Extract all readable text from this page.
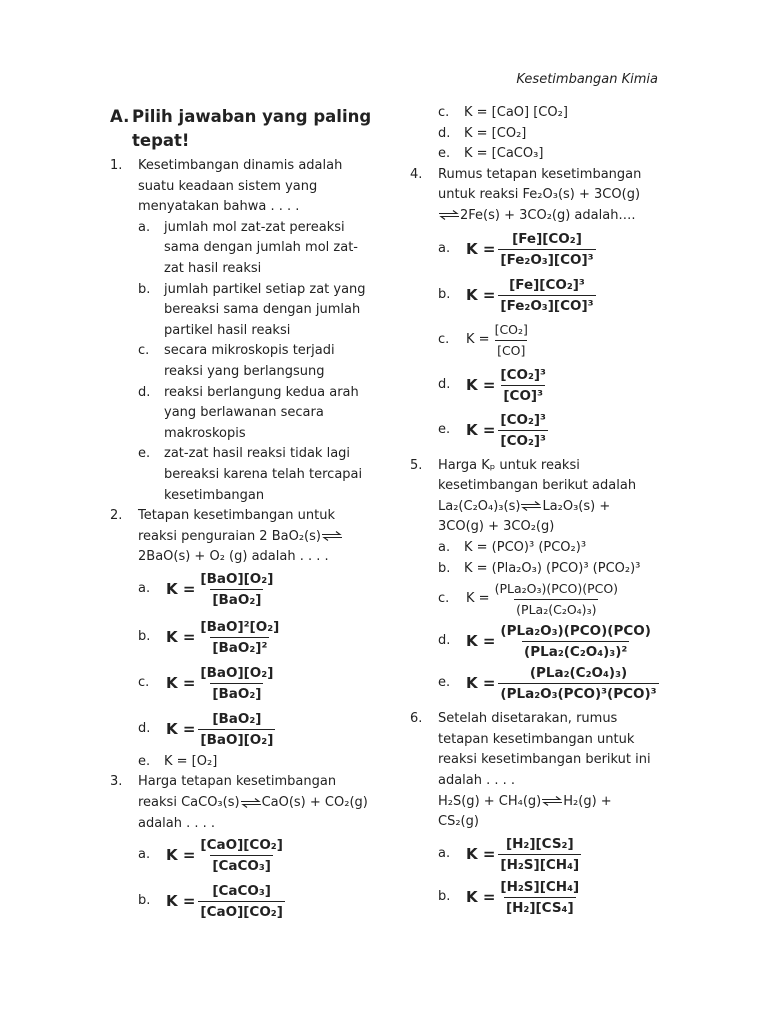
Kesetimbangan Kimia
A. Pilih jawaban yang paling tepat!
1.	Kesetimbangan dinamis adalah suatu keadaan sistem yang menyatakan bahwa . . . .
a.	jumlah mol zat-zat pereaksi sama dengan jumlah mol zat-zat hasil reaksi
b.	jumlah partikel setiap zat yang bereaksi sama dengan jumlah partikel hasil reaksi
c.	secara mikroskopis terjadi reaksi yang berlangsung
d.	reaksi berlangung kedua arah yang berlawanan secara makroskopis
e.	zat-zat hasil reaksi tidak lagi bereaksi karena telah tercapai kesetimbangan
2.	Tetapan kesetimbangan untuk reaksi penguraian 2 BaO₂(s)⇌ 2BaO(s) + O₂ (g) adalah . . . .
a.	$K = \frac{\text{[BaO][O₂]}}{\text{[BaO₂]}}$
b.	$K = \frac{\text{[BaO]²[O₂]}}{\text{[BaO₂]²}}$
c.	$K = \frac{\text{[BaO][O₂]}}{\text{[BaO₂]}}$
d.	$K = \frac{\text{[BaO₂]}}{\text{[BaO][O₂]}}$
e.	K = [O₂]
3.	Harga tetapan kesetimbangan reaksi CaCO₃(s)⇌CaO(s) + CO₂(g) adalah . . . .
a.	$K = \frac{\text{[CaO][CO₂]}}{\text{[CaCO₃]}}$
b.	$K = \frac{\text{[CaCO₃]}}{\text{[CaO][CO₂]}}$
c.	K = [CaO] [CO₂]
d.	K = [CO₂]
e.	K = [CaCO₃]
4.	Rumus tetapan kesetimbangan untuk reaksi Fe₂O₃(s) + 3CO(g)

⇌2Fe(s) + 3CO₂(g) adalah….
a.	$K = \frac{\text{[Fe][CO₂]}}{\text{[Fe₂O₃][CO]³}}$
b.	$K = \frac{\text{[Fe][CO₂]³}}{\text{[Fe₂O₃][CO]³}}$
c.	$K = \frac{\text{[CO₂]}}{[CO]}$
d.	$K = \frac{\text{[CO₂]³}}{\text{[CO]³}}$
e.	$K = \frac{\text{[CO₂]³}}{\text{[CO₂]³}}$
5.	Harga Kₚ untuk reaksi kesetimbangan berikut adalah
La₂(C₂O₄)₃(s)⇌La₂O₃(s) +
3CO(g) + 3CO₂(g)
a.	K = (PCO)³ (PCO₂)³
b.	K = (Pla₂O₃) (PCO)³ (PCO₂)³
c.	$K = \frac{\text{(PLa₂O₃)(PCO)(PCO)}}{\text{(PLa₂(C₂O₄)₃)}}$
d.	$K = \frac{\text{(PLa₂O₃)(PCO)(PCO)}}{\text{(PLa₂(C₂O₄)₃)²}}$
e.	$K = \frac{\text{(PLa₂(C₂O₄)₃)}}{\text{(PLa₂O₃(PCO)³(PCO)³}}$
6.	Setelah disetarakan, rumus tetapan kesetimbangan untuk reaksi kesetimbangan berikut ini adalah . . . .
H₂S(g) + CH₄(g)⇌H₂(g) +
CS₂(g)
a.	$K = \frac{\text{[H₂][CS₂]}}{\text{[H₂S][CH₄]}}$
b.	$K = \frac{\text{[H₂S][CH₄]}}{\text{[H₂][CS₄]}}$
